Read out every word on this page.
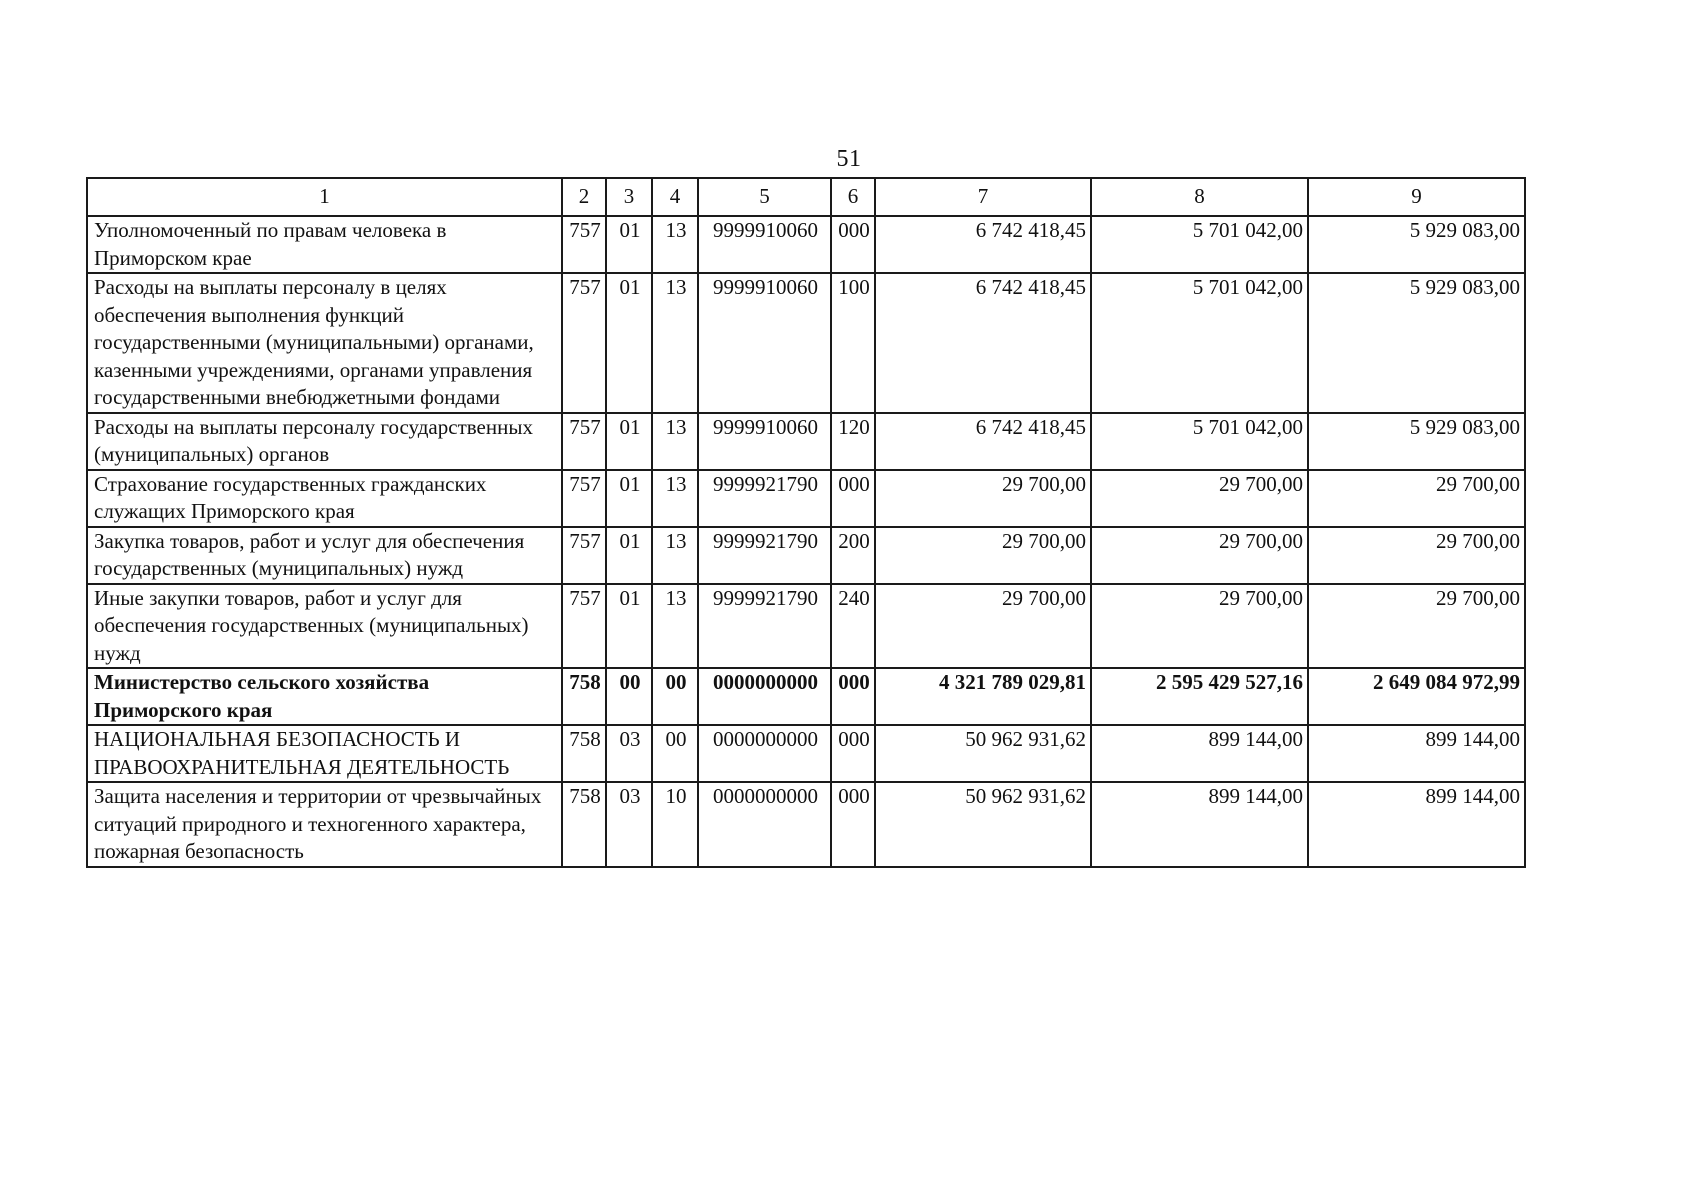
51
1	2	3	4	5	6	7	8	9
Уполномоченный по правам человека в Приморском крае	757	01	13	9999910060	000	6 742 418,45	5 701 042,00	5 929 083,00
Расходы на выплаты персоналу в целях обеспечения выполнения функций государственными (муниципальными) органами, казенными учреждениями, органами управления государственными внебюджетными фондами	757	01	13	9999910060	100	6 742 418,45	5 701 042,00	5 929 083,00
Расходы на выплаты персоналу государственных (муниципальных) органов	757	01	13	9999910060	120	6 742 418,45	5 701 042,00	5 929 083,00
Страхование государственных гражданских служащих Приморского края	757	01	13	9999921790	000	29 700,00	29 700,00	29 700,00
Закупка товаров, работ и услуг для обеспечения государственных (муниципальных) нужд	757	01	13	9999921790	200	29 700,00	29 700,00	29 700,00
Иные закупки товаров, работ и услуг для обеспечения государственных (муниципальных) нужд	757	01	13	9999921790	240	29 700,00	29 700,00	29 700,00
Министерство сельского хозяйства Приморского края	758	00	00	0000000000	000	4 321 789 029,81	2 595 429 527,16	2 649 084 972,99
НАЦИОНАЛЬНАЯ БЕЗОПАСНОСТЬ И ПРАВООХРАНИТЕЛЬНАЯ ДЕЯТЕЛЬНОСТЬ	758	03	00	0000000000	000	50 962 931,62	899 144,00	899 144,00
Защита населения и территории от чрезвычайных ситуаций природного и техногенного характера, пожарная безопасность	758	03	10	0000000000	000	50 962 931,62	899 144,00	899 144,00
